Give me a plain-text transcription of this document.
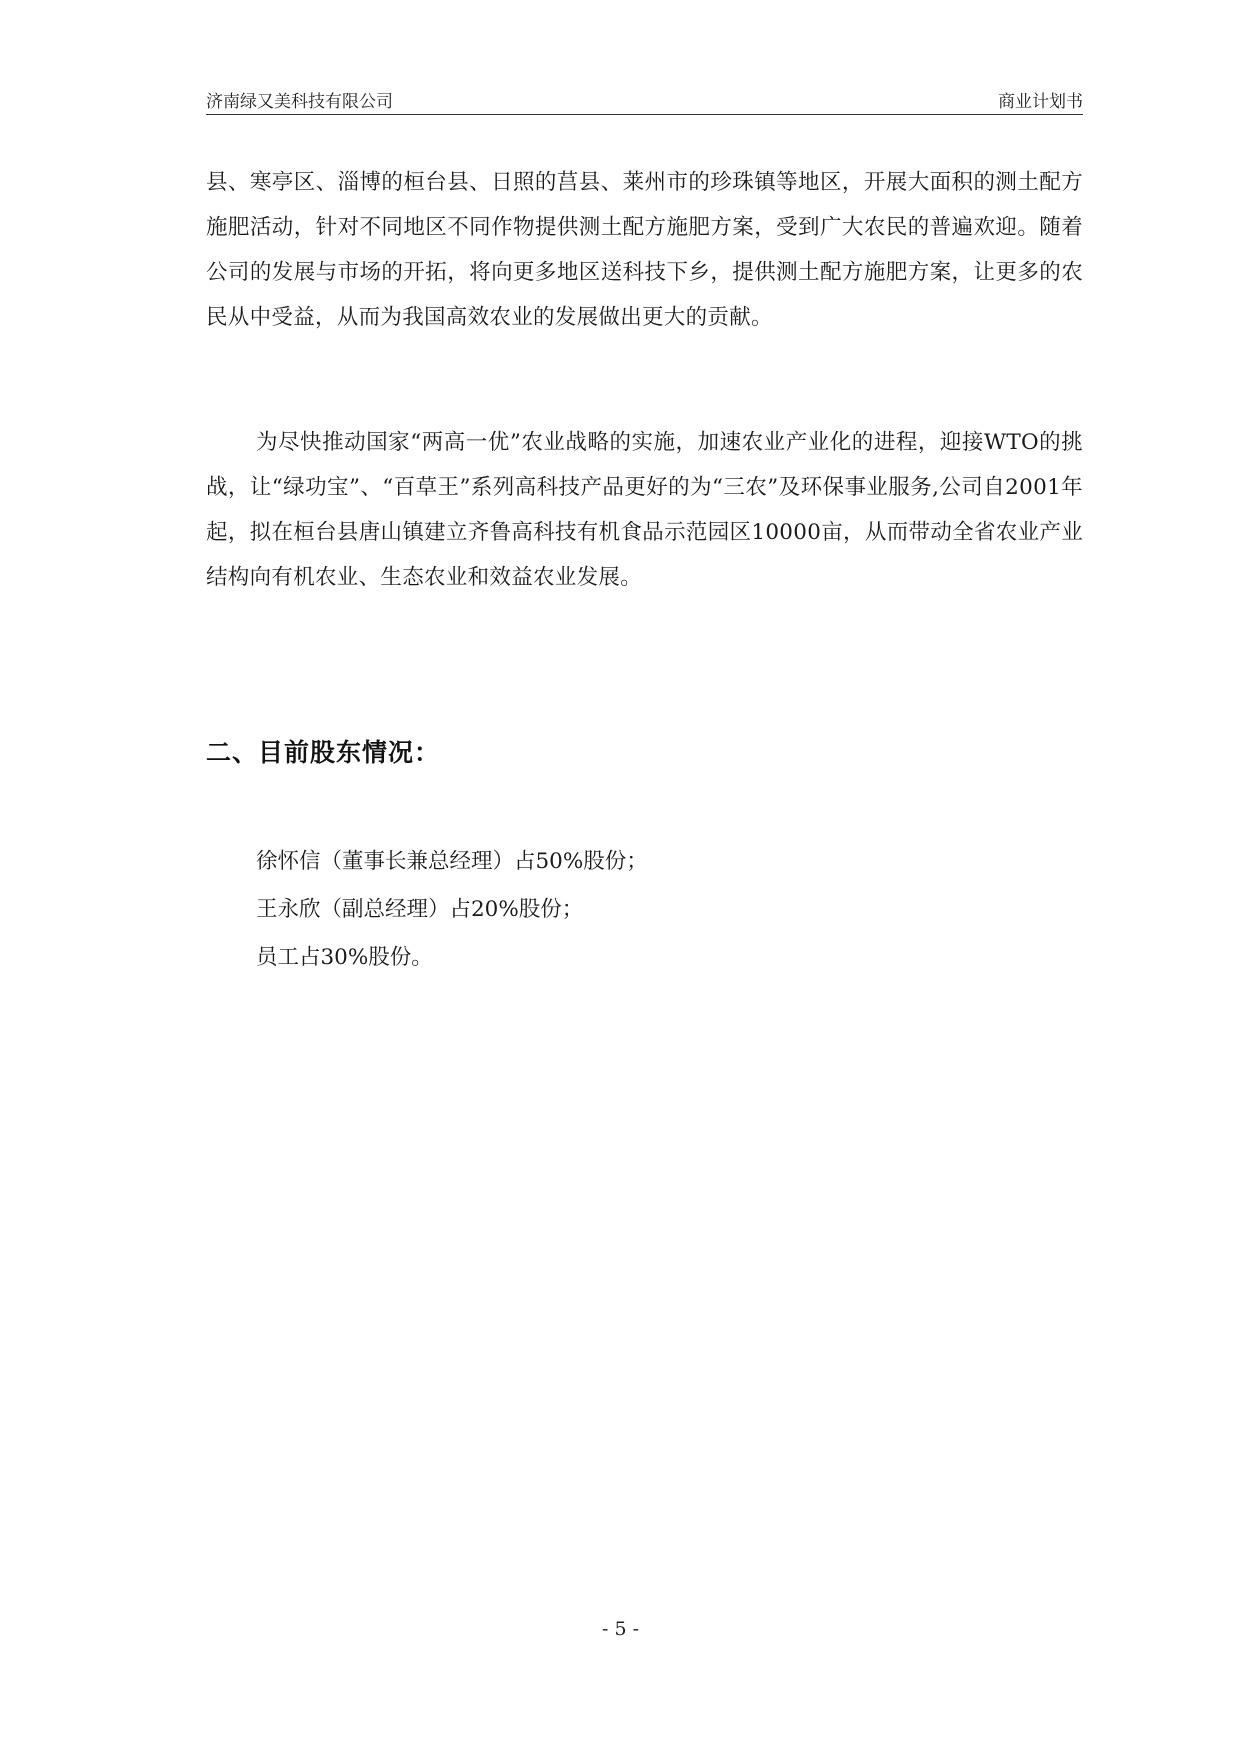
济南绿又美科技有限公司	商业计划书

县、寒亭区、淄博的桓台县、日照的莒县、莱州市的珍珠镇等地区，开展大面积的测土配方施肥活动，针对不同地区不同作物提供测土配方施肥方案，受到广大农民的普遍欢迎。随着公司的发展与市场的开拓，将向更多地区送科技下乡，提供测土配方施肥方案，让更多的农民从中受益，从而为我国高效农业的发展做出更大的贡献。

为尽快推动国家“两高一优”农业战略的实施，加速农业产业化的进程，迎接WTO的挑战，让“绿功宝”、“百草王”系列高科技产品更好的为“三农”及环保事业服务,公司自2001年起，拟在桓台县唐山镇建立齐鲁高科技有机食品示范园区10000亩，从而带动全省农业产业结构向有机农业、生态农业和效益农业发展。

二、目前股东情况：
徐怀信（董事长兼总经理）占50%股份；
王永欣（副总经理）占20%股份；
员工占30%股份。
- 5 -
